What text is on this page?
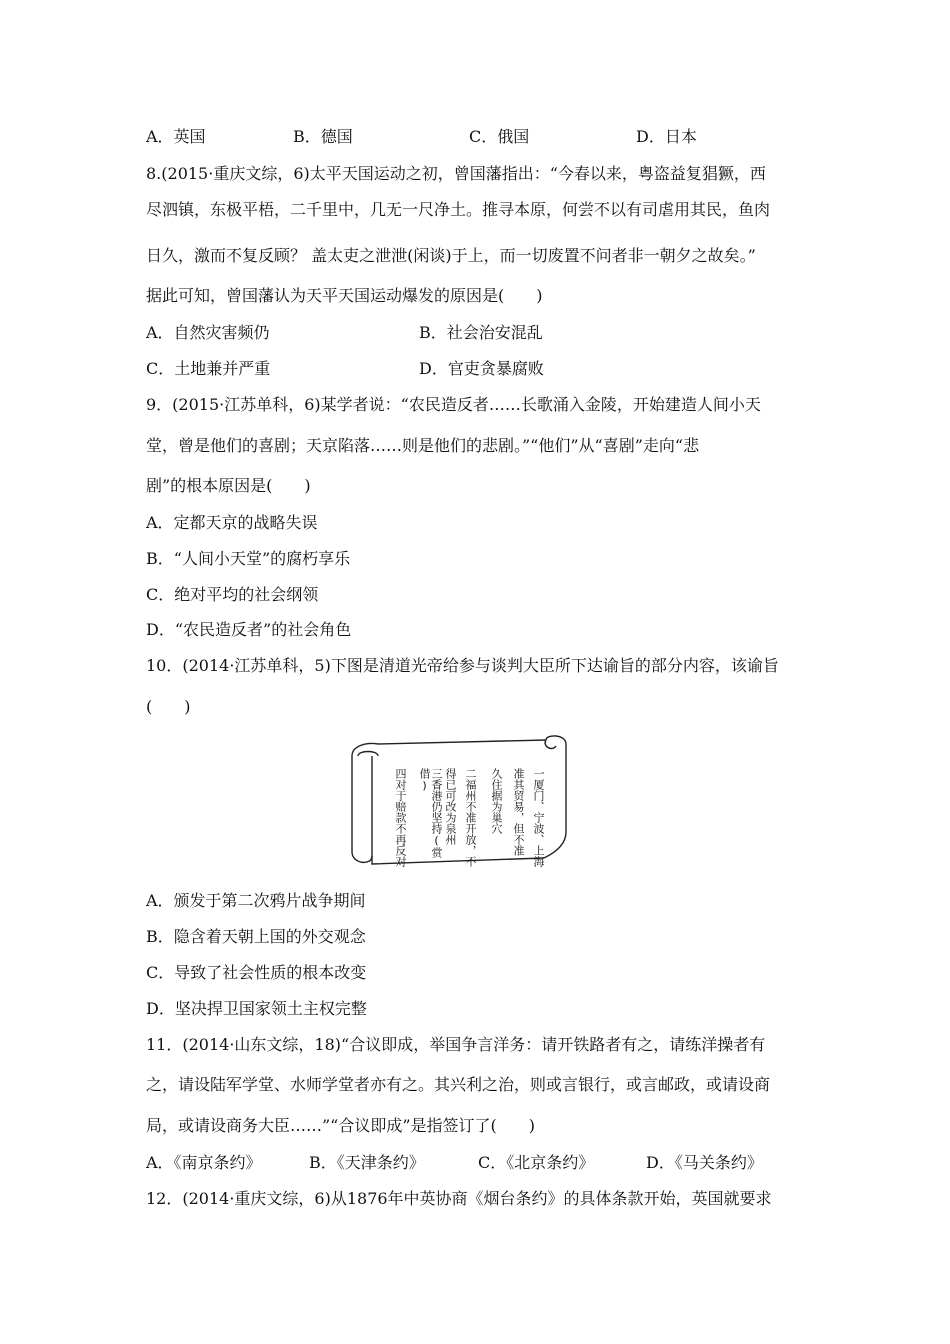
A．英国	B．德国	C．俄国	D．日本
8.(2015·重庆文综，6)太平天国运动之初，曾国藩指出：“今春以来，粤盗益复猖獗，西
尽泗镇，东极平梧，二千里中，几无一尺净土。推寻本原，何尝不以有司虐用其民，鱼肉
日久，激而不复反顾？ 盖太吏之泄泄(闲谈)于上，而一切废置不问者非一朝夕之故矣。”
据此可知，曾国藩认为天平天国运动爆发的原因是(　　)
A．自然灾害频仍	B．社会治安混乱
C．土地兼并严重	D．官吏贪暴腐败
9．(2015·江苏单科，6)某学者说：“农民造反者……长歌涌入金陵，开始建造人间小天
堂，曾是他们的喜剧；天京陷落……则是他们的悲剧。”“他们”从“喜剧”走向“悲
剧”的根本原因是(　　)
A．定都天京的战略失误
B．“人间小天堂”的腐朽享乐
C．绝对平均的社会纲领
D．“农民造反者”的社会角色
10．(2014·江苏单科，5)下图是清道光帝给参与谈判大臣所下达谕旨的部分内容，该谕旨
(　　)
一厦门、宁波、上海
准其贸易，但不准
久住据为巢穴
二福州不准开放，不
得已可改为泉州
三香港仍坚持(赏借)
四对于赔款不再反对
A．颁发于第二次鸦片战争期间
B．隐含着天朝上国的外交观念
C．导致了社会性质的根本改变
D．坚决捍卫国家领土主权完整
11．(2014·山东文综，18)“合议即成，举国争言洋务：请开铁路者有之，请练洋操者有
之，请设陆军学堂、水师学堂者亦有之。其兴利之治，则或言银行，或言邮政，或请设商
局，或请设商务大臣……”“合议即成”是指签订了(　　)
A．《南京条约》	B．《天津条约》	C．《北京条约》	D．《马关条约》
12．(2014·重庆文综，6)从1876年中英协商《烟台条约》的具体条款开始，英国就要求
